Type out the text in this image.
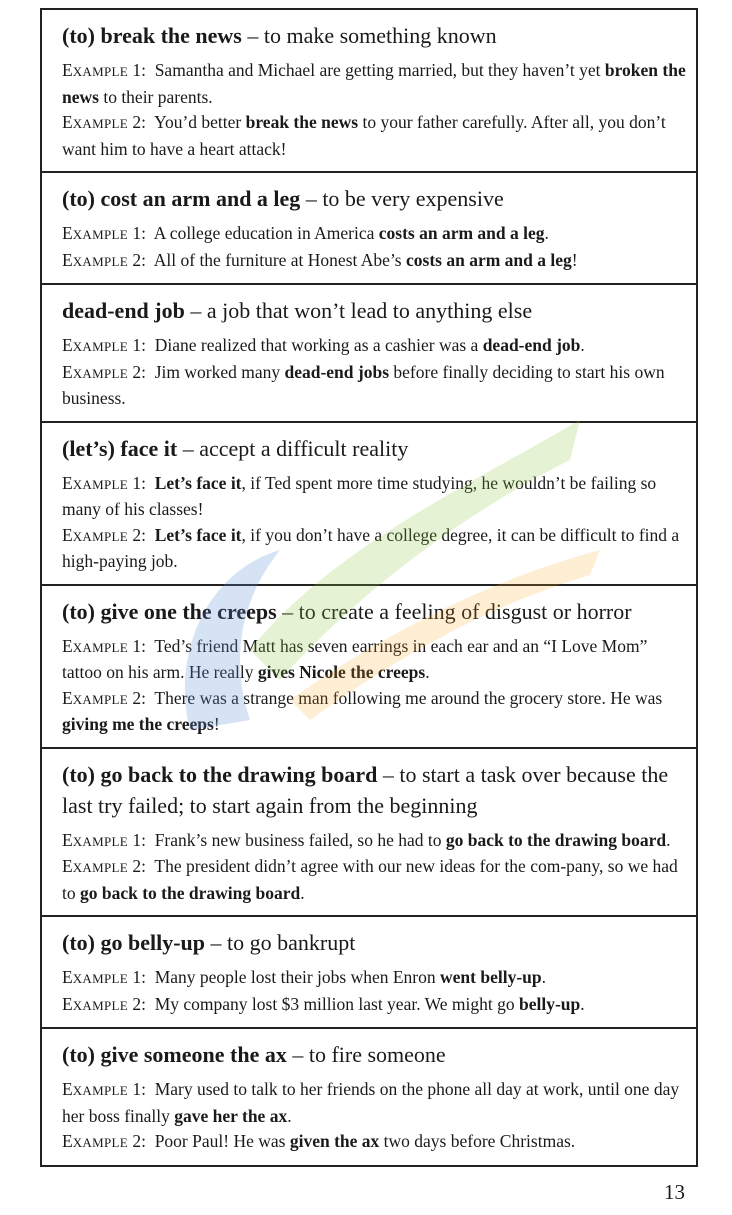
(to) break the news – to make something known

EXAMPLE 1: Samantha and Michael are getting married, but they haven’t yet broken the news to their parents.

EXAMPLE 2: You’d better break the news to your father carefully. After all, you don’t want him to have a heart attack!

(to) cost an arm and a leg – to be very expensive

EXAMPLE 1: A college education in America costs an arm and a leg.

EXAMPLE 2: All of the furniture at Honest Abe’s costs an arm and a leg!

dead-end job – a job that won’t lead to anything else

EXAMPLE 1: Diane realized that working as a cashier was a dead-end job.

EXAMPLE 2: Jim worked many dead-end jobs before finally deciding to start his own business.

(let’s) face it – accept a difficult reality

EXAMPLE 1: Let’s face it, if Ted spent more time studying, he wouldn’t be failing so many of his classes!

EXAMPLE 2: Let’s face it, if you don’t have a college degree, it can be difficult to find a high-paying job.

(to) give one the creeps – to create a feeling of disgust or horror

EXAMPLE 1: Ted’s friend Matt has seven earrings in each ear and an “I Love Mom” tattoo on his arm. He really gives Nicole the creeps.

EXAMPLE 2: There was a strange man following me around the grocery store. He was giving me the creeps!

(to) go back to the drawing board – to start a task over because the last try failed; to start again from the beginning

EXAMPLE 1: Frank’s new business failed, so he had to go back to the drawing board.

EXAMPLE 2: The president didn’t agree with our new ideas for the com-pany, so we had to go back to the drawing board.

(to) go belly-up – to go bankrupt

EXAMPLE 1: Many people lost their jobs when Enron went belly-up.

EXAMPLE 2: My company lost $3 million last year. We might go belly-up.

(to) give someone the ax – to fire someone

EXAMPLE 1: Mary used to talk to her friends on the phone all day at work, until one day her boss finally gave her the ax.

EXAMPLE 2: Poor Paul! He was given the ax two days before Christmas.

13
